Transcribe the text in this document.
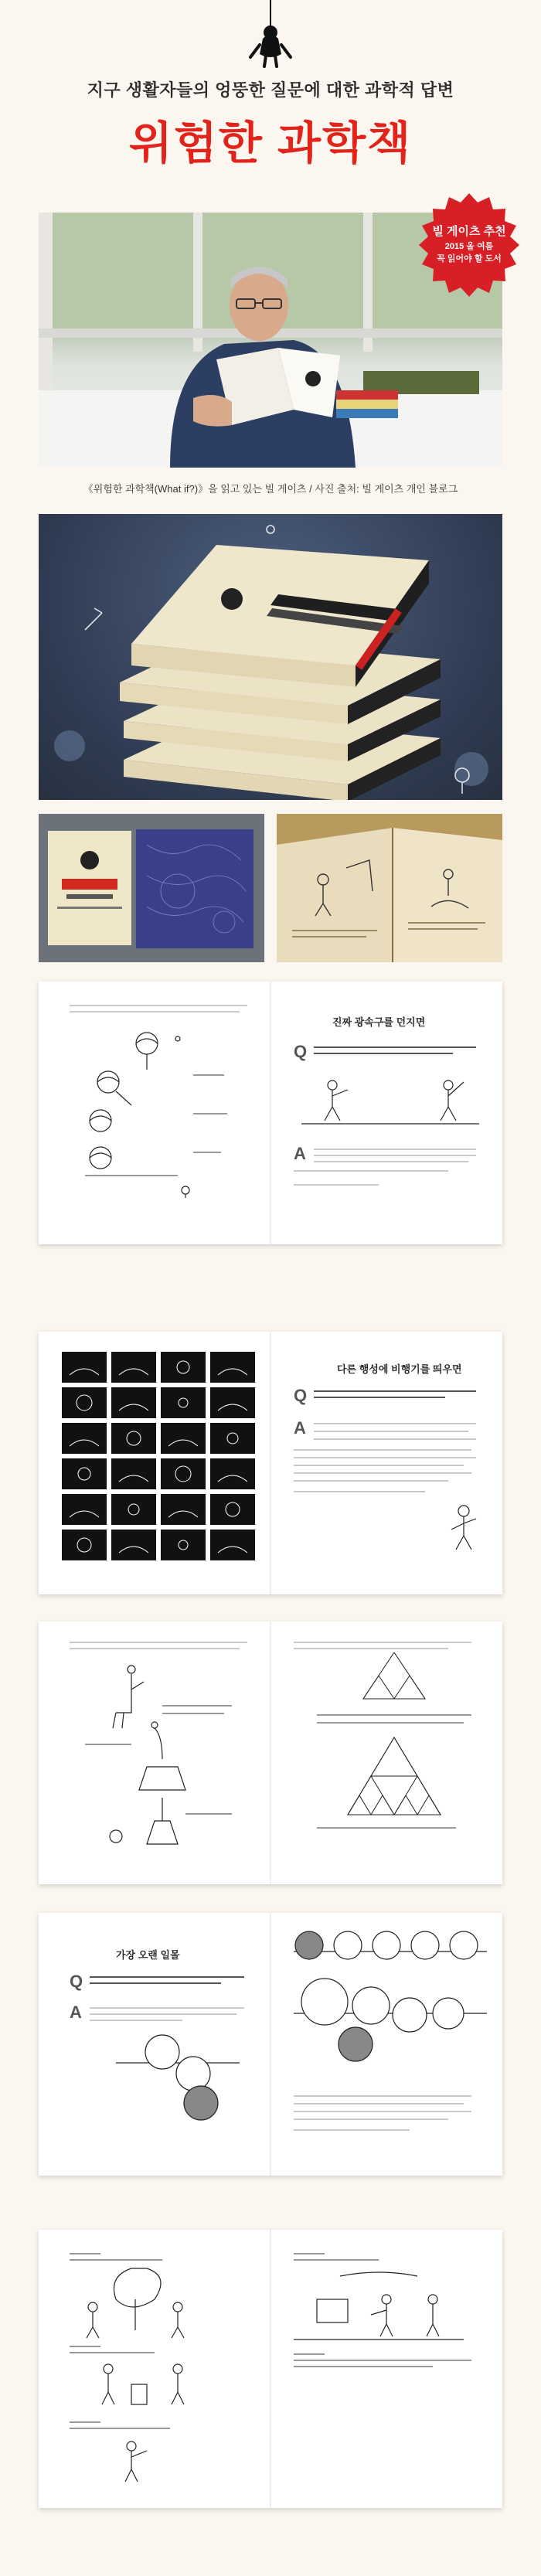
지구 생활자들의 엉뚱한 질문에 대한 과학적 답변
위험한 과학책
빌 게이츠 추천
2015 올 여름
꼭 읽어야 할 도서
《위험한 과학책(What if?)》을 읽고 있는 빌 게이츠 / 사진 출처: 빌 게이츠 개인 블로그
진짜 광속구를 던지면
Q
A
다른 행성에 비행기를 띄우면
Q
A
가장 오랜 일몰
Q
A
